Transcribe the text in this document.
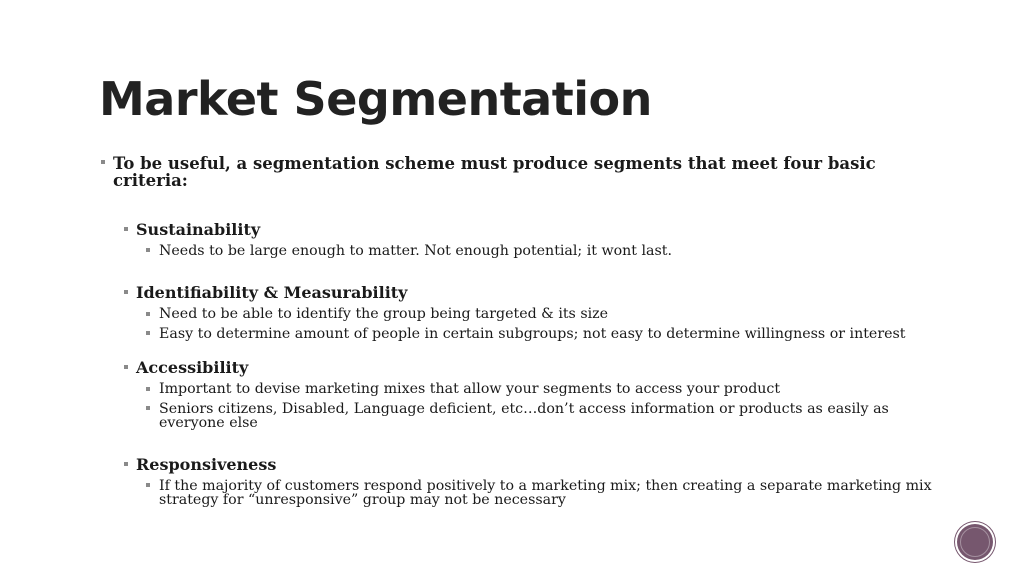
Market Segmentation
To be useful, a segmentation scheme must produce segments that meet four basic criteria:
Sustainability
Needs to be large enough to matter. Not enough potential; it wont last.
Identifiability & Measurability
Need to be able to identify the group being targeted & its size
Easy to determine amount of people in certain subgroups; not easy to determine willingness or interest
Accessibility
Important to devise marketing mixes that allow your segments to access your product
Seniors citizens, Disabled, Language deficient, etc…don’t access information or products as easily as everyone else
Responsiveness
If the majority of customers respond positively to a marketing mix; then creating a separate marketing mix strategy for “unresponsive” group may not be necessary
